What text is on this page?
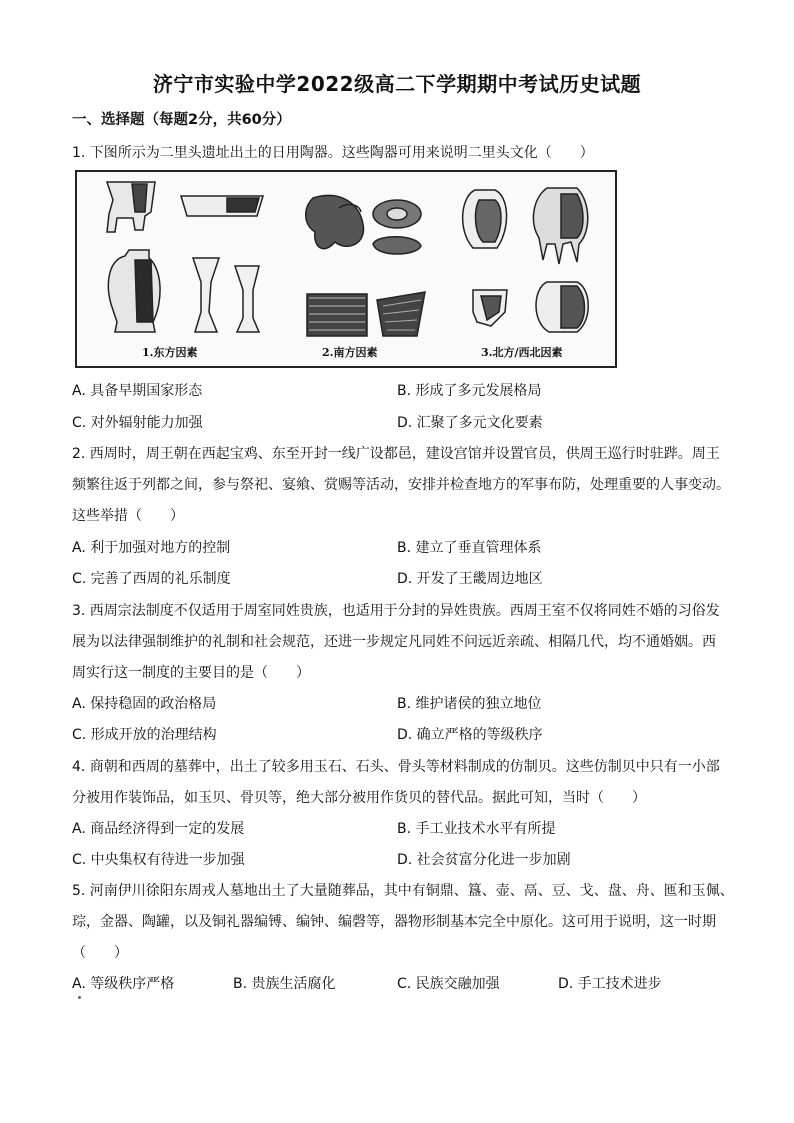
济宁市实验中学2022级高二下学期期中考试历史试题
一、选择题（每题2分，共60分）
1. 下图所示为二里头遗址出土的日用陶器。这些陶器可用来说明二里头文化（　　）
1.东方因素	2.南方因素	3.北方/西北因素
A. 具备早期国家形态	B. 形成了多元发展格局
C. 对外辐射能力加强	D. 汇聚了多元文化要素
2. 西周时，周王朝在西起宝鸡、东至开封一线广设都邑，建设宫馆并设置官员，供周王巡行时驻跸。周王
频繁往返于列都之间，参与祭祀、宴飨、赏赐等活动，安排并检查地方的军事布防，处理重要的人事变动。
这些举措（　　）
A. 利于加强对地方的控制	B. 建立了垂直管理体系
C. 完善了西周的礼乐制度	D. 开发了王畿周边地区
3. 西周宗法制度不仅适用于周室同姓贵族，也适用于分封的异姓贵族。西周王室不仅将同姓不婚的习俗发
展为以法律强制维护的礼制和社会规范，还进一步规定凡同姓不问远近亲疏、相隔几代，均不通婚姻。西
周实行这一制度的主要目的是（　　）
A. 保持稳固的政治格局	B. 维护诸侯的独立地位
C. 形成开放的治理结构	D. 确立严格的等级秩序
4. 商朝和西周的墓葬中，出土了较多用玉石、石头、骨头等材料制成的仿制贝。这些仿制贝中只有一小部
分被用作装饰品，如玉贝、骨贝等，绝大部分被用作货贝的替代品。据此可知，当时（　　）
A. 商品经济得到一定的发展	B. 手工业技术水平有所提
C. 中央集权有待进一步加强	D. 社会贫富分化进一步加剧
5. 河南伊川徐阳东周戎人墓地出土了大量随葬品，其中有铜鼎、簋、壶、鬲、豆、戈、盘、舟、匜和玉佩、
琮，金器、陶罐，以及铜礼器编镈、编钟、编磬等，器物形制基本完全中原化。这可用于说明，这一时期
（　　）
A. 等级秩序严格	B. 贵族生活腐化	C. 民族交融加强	D. 手工技术进步
